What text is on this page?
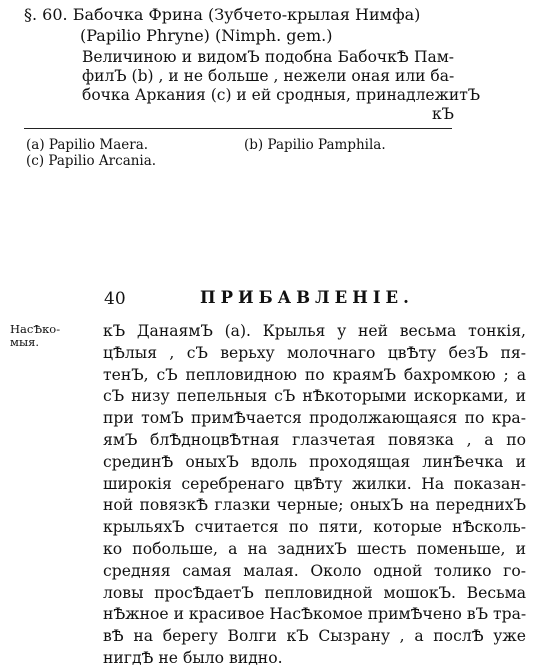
§. 60. Бабочка Фрина (Зубчето-крылая Нимфа)
(Papilio Phryne) (Nimph. gem.)
Величиною и видомЪ подобна БабочкѢ Пам-
филЪ (b) , и не больше , нежели оная или ба-
бочка Аркания (с) и ей сродныя, принадлежитЪ
кЪ
(a) Papilio Maera.
(c) Papilio Arcania.
(b) Papilio Pamphila.
40	ПРИБАВЛЕНIЕ.
НасѢко-мыя.
кЪ ДанаямЪ (а). Крылья у ней весьма тонкiя,
цѢлыя , сЪ верьху молочнаго цвѢту безЪ пя-
тенЪ, сЪ пепловидною по краямЪ бахромкою ; а
сЪ низу пепельныя сЪ нѢкоторыми искорками, и
при томЪ примѢчается продолжающаяся по кра-
ямЪ блѢдноцвѢтная глазчетая повязка , а по
срединѢ оныхЪ вдоль проходящая линѢечка и
широкiя серебренаго цвѢту жилки. На показан-
ной повязкѢ глазки черные; оныхЪ на переднихЪ
крыльяхЪ считается по пяти, которые нѢсколь-
ко побольше, а на заднихЪ шесть поменьше, и
средняя самая малая. Около одной толико го-
ловы просѢдаетЪ пепловидной мошокЪ. Весьма
нѢжное и красивое НасѢкомое примѢчено вЪ тра-
вѢ на берегу Волги кЪ Сызрану , а послѢ уже
нигдѢ не было видно.
